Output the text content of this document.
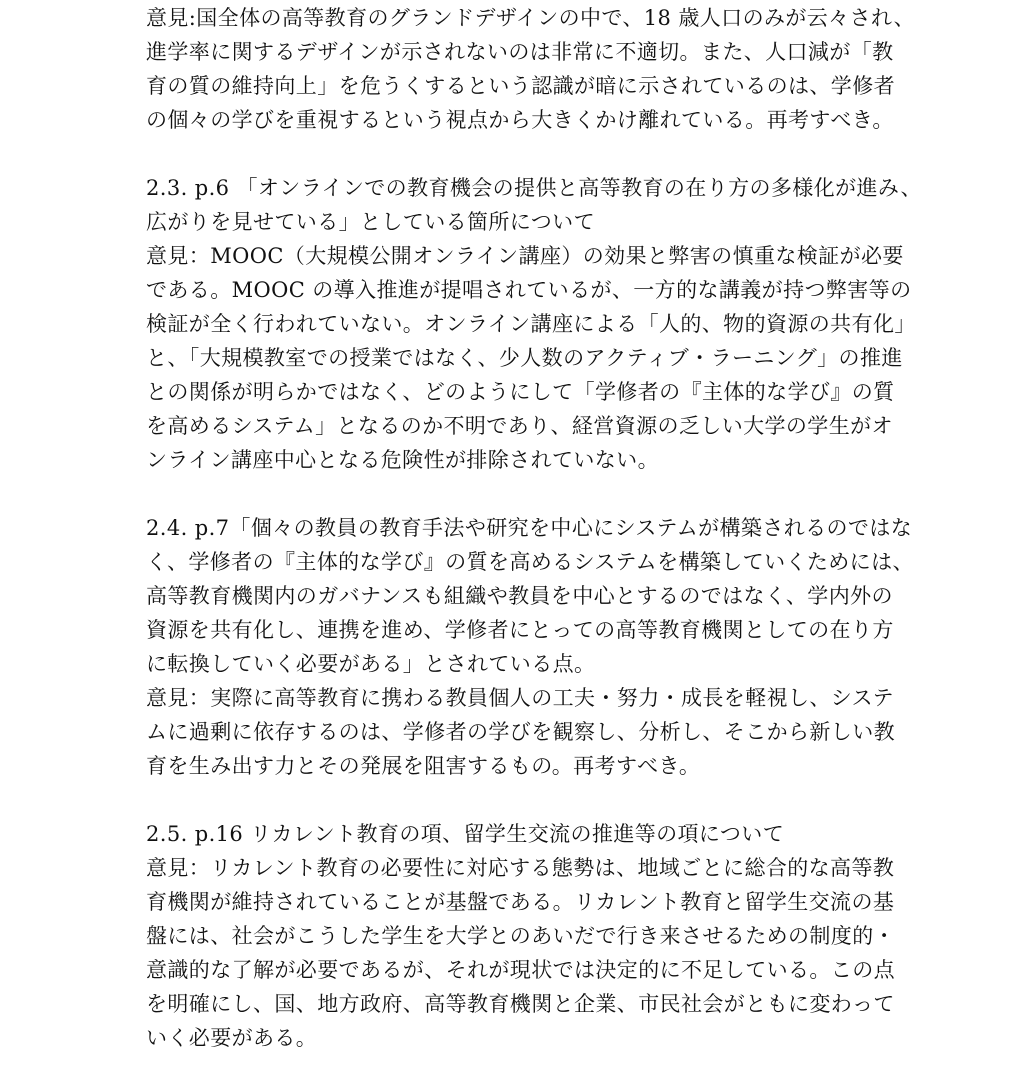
意見:国全体の高等教育のグランドデザインの中で、18 歳人口のみが云々され、
進学率に関するデザインが示されないのは非常に不適切。また、人口減が「教
育の質の維持向上」を危うくするという認識が暗に示されているのは、学修者
の個々の学びを重視するという視点から大きくかけ離れている。再考すべき。
2.3. p.6 「オンラインでの教育機会の提供と高等教育の在り方の多様化が進み、
広がりを見せている」としている箇所について
意見：MOOC（大規模公開オンライン講座）の効果と弊害の慎重な検証が必要
である。MOOC の導入推進が提唱されているが、一方的な講義が持つ弊害等の
検証が全く行われていない。オンライン講座による「人的、物的資源の共有化」
と、「大規模教室での授業ではなく、少人数のアクティブ・ラーニング」の推進
との関係が明らかではなく、どのようにして「学修者の『主体的な学び』の質
を高めるシステム」となるのか不明であり、経営資源の乏しい大学の学生がオ
ンライン講座中心となる危険性が排除されていない。
2.4. p.7「個々の教員の教育手法や研究を中心にシステムが構築されるのではな
く、学修者の『主体的な学び』の質を高めるシステムを構築していくためには、
高等教育機関内のガバナンスも組織や教員を中心とするのではなく、学内外の
資源を共有化し、連携を進め、学修者にとっての高等教育機関としての在り方
に転換していく必要がある」とされている点。
意見：実際に高等教育に携わる教員個人の工夫・努力・成長を軽視し、システ
ムに過剰に依存するのは、学修者の学びを観察し、分析し、そこから新しい教
育を生み出す力とその発展を阻害するもの。再考すべき。
2.5. p.16 リカレント教育の項、留学生交流の推進等の項について
意見：リカレント教育の必要性に対応する態勢は、地域ごとに総合的な高等教
育機関が維持されていることが基盤である。リカレント教育と留学生交流の基
盤には、社会がこうした学生を大学とのあいだで行き来させるための制度的・
意識的な了解が必要であるが、それが現状では決定的に不足している。この点
を明確にし、国、地方政府、高等教育機関と企業、市民社会がともに変わって
いく必要がある。
